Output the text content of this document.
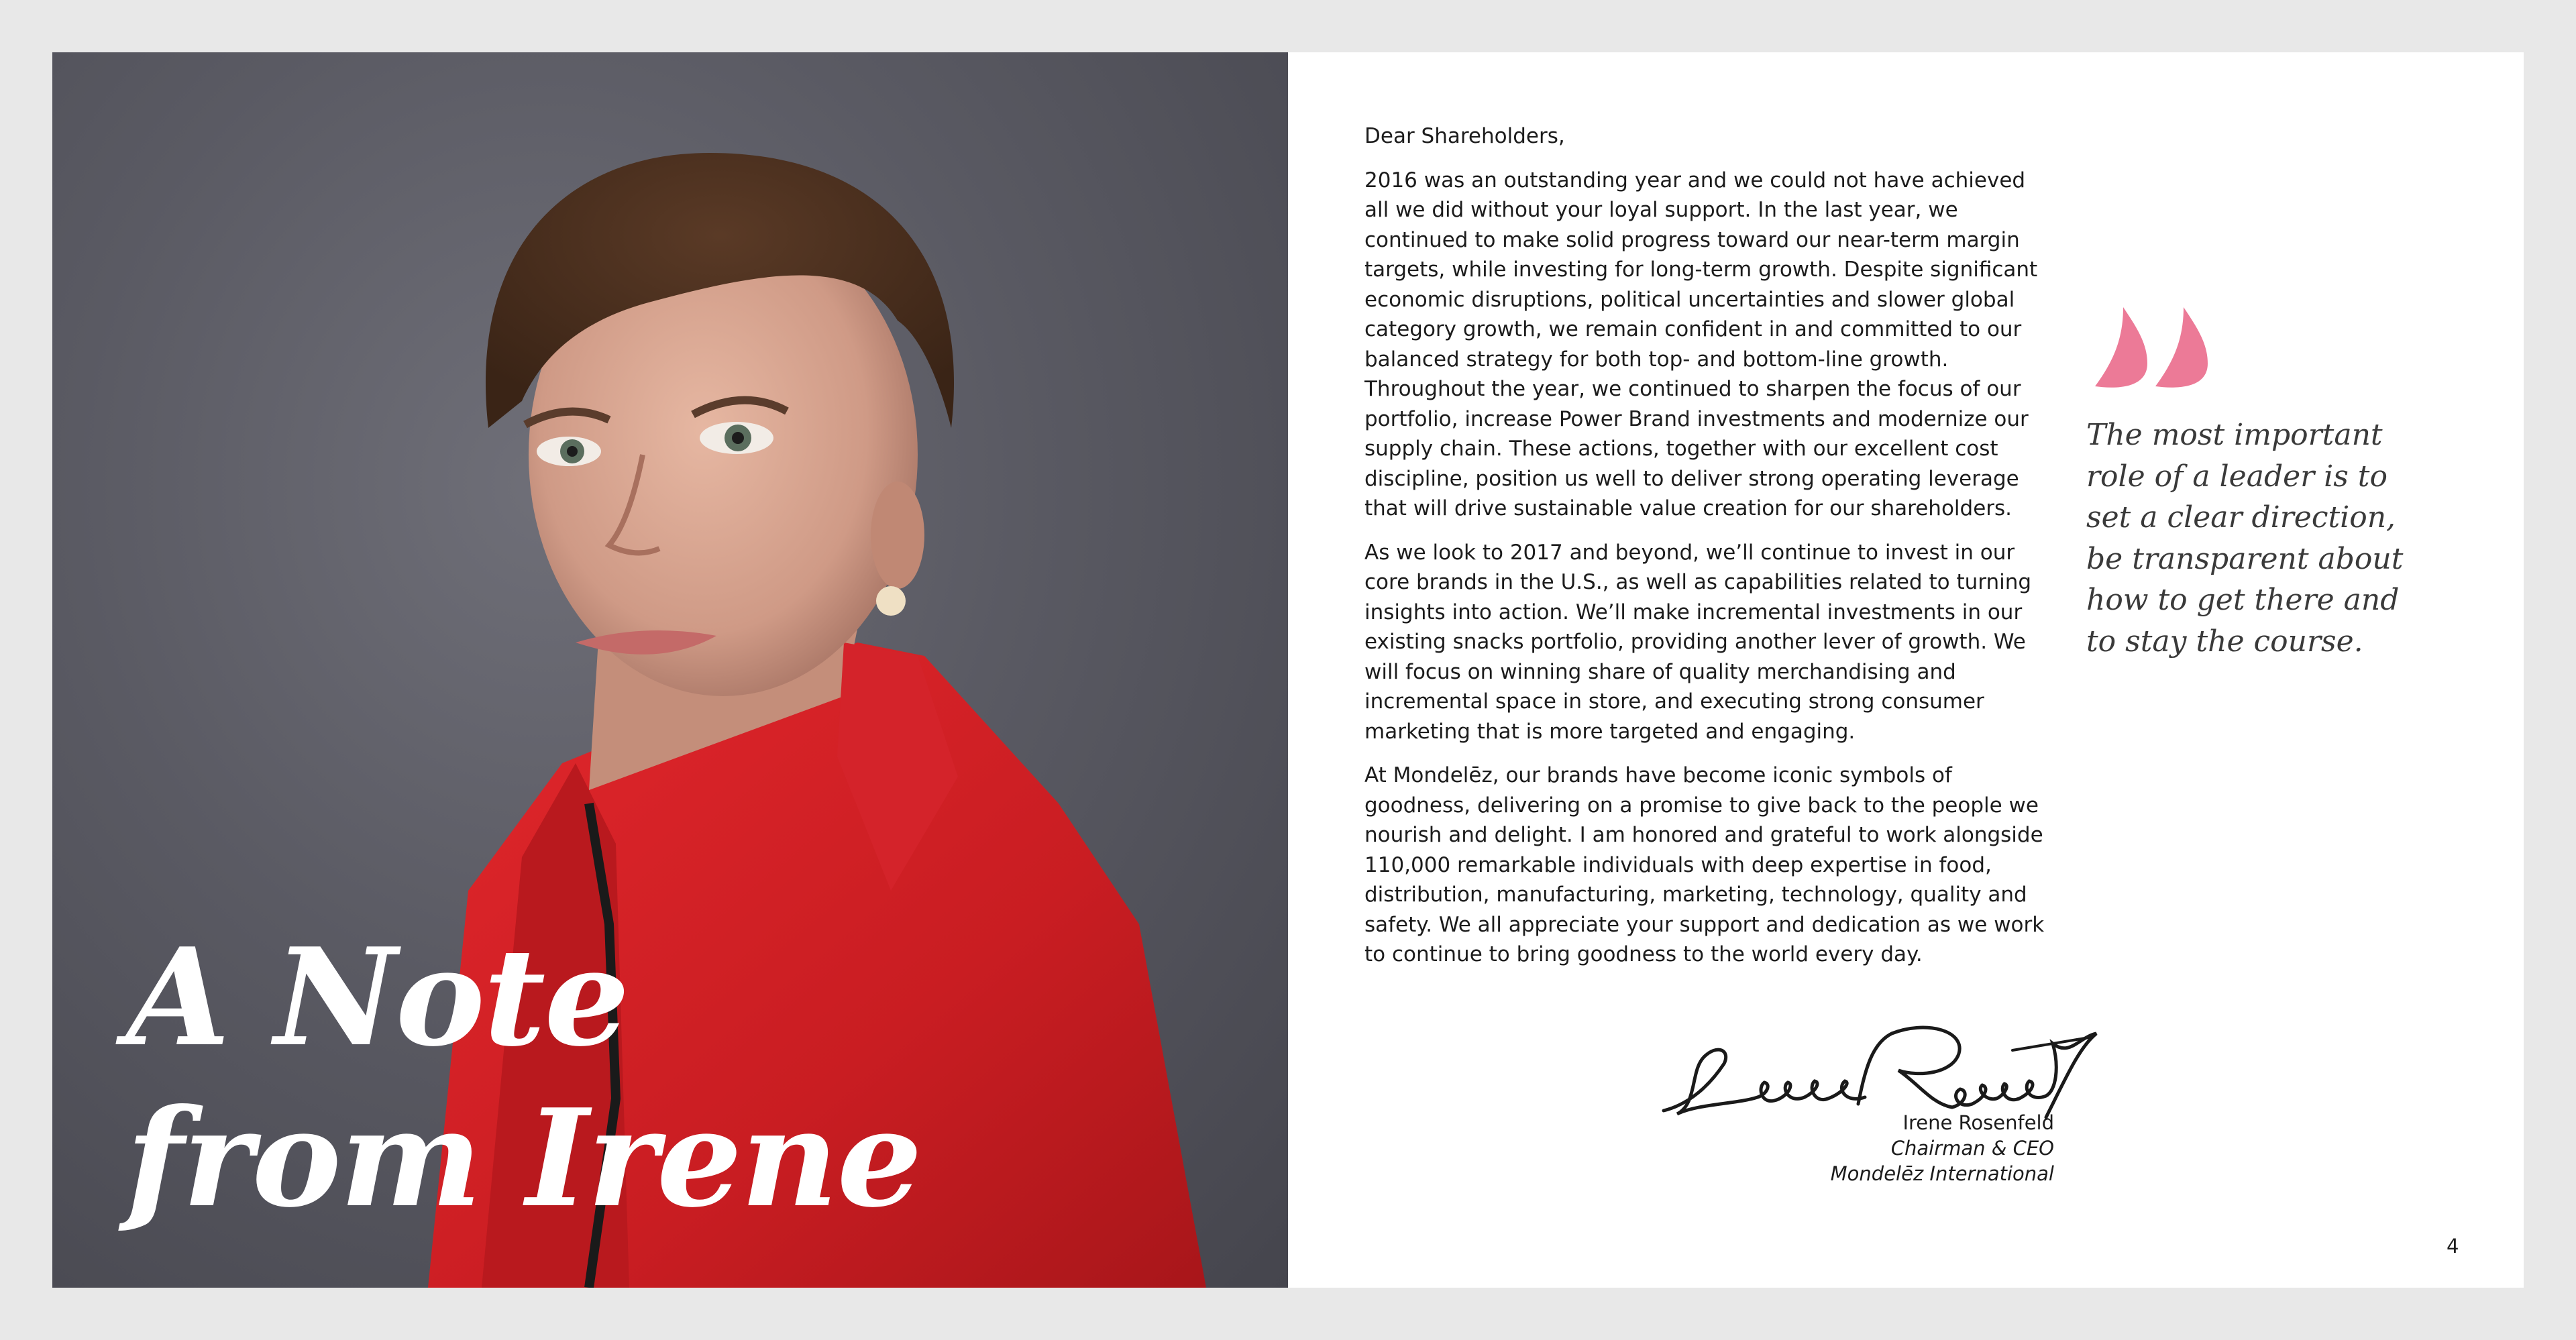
A Note
from Irene

Dear Shareholders,

2016 was an outstanding year and we could not have achieved all we did without your loyal support. In the last year, we continued to make solid progress toward our near-term margin targets, while investing for long-term growth. Despite significant economic disruptions, political uncertainties and slower global category growth, we remain confident in and committed to our balanced strategy for both top- and bottom-line growth. Throughout the year, we continued to sharpen the focus of our portfolio, increase Power Brand investments and modernize our supply chain. These actions, together with our excellent cost discipline, position us well to deliver strong operating leverage that will drive sustainable value creation for our shareholders.

As we look to 2017 and beyond, we’ll continue to invest in our core brands in the U.S., as well as capabilities related to turning insights into action. We’ll make incremental investments in our existing snacks portfolio, providing another lever of growth. We will focus on winning share of quality merchandising and incremental space in store, and executing strong consumer marketing that is more targeted and engaging.

At Mondelēz, our brands have become iconic symbols of goodness, delivering on a promise to give back to the people we nourish and delight. I am honored and grateful to work alongside 110,000 remarkable individuals with deep expertise in food, distribution, manufacturing, marketing, technology, quality and safety. We all appreciate your support and dedication as we work to continue to bring goodness to the world every day.

The most important
role of a leader is to
set a clear direction,
be transparent about
how to get there and
to stay the course.

Irene Rosenfeld
Chairman & CEO
Mondelēz International
4
